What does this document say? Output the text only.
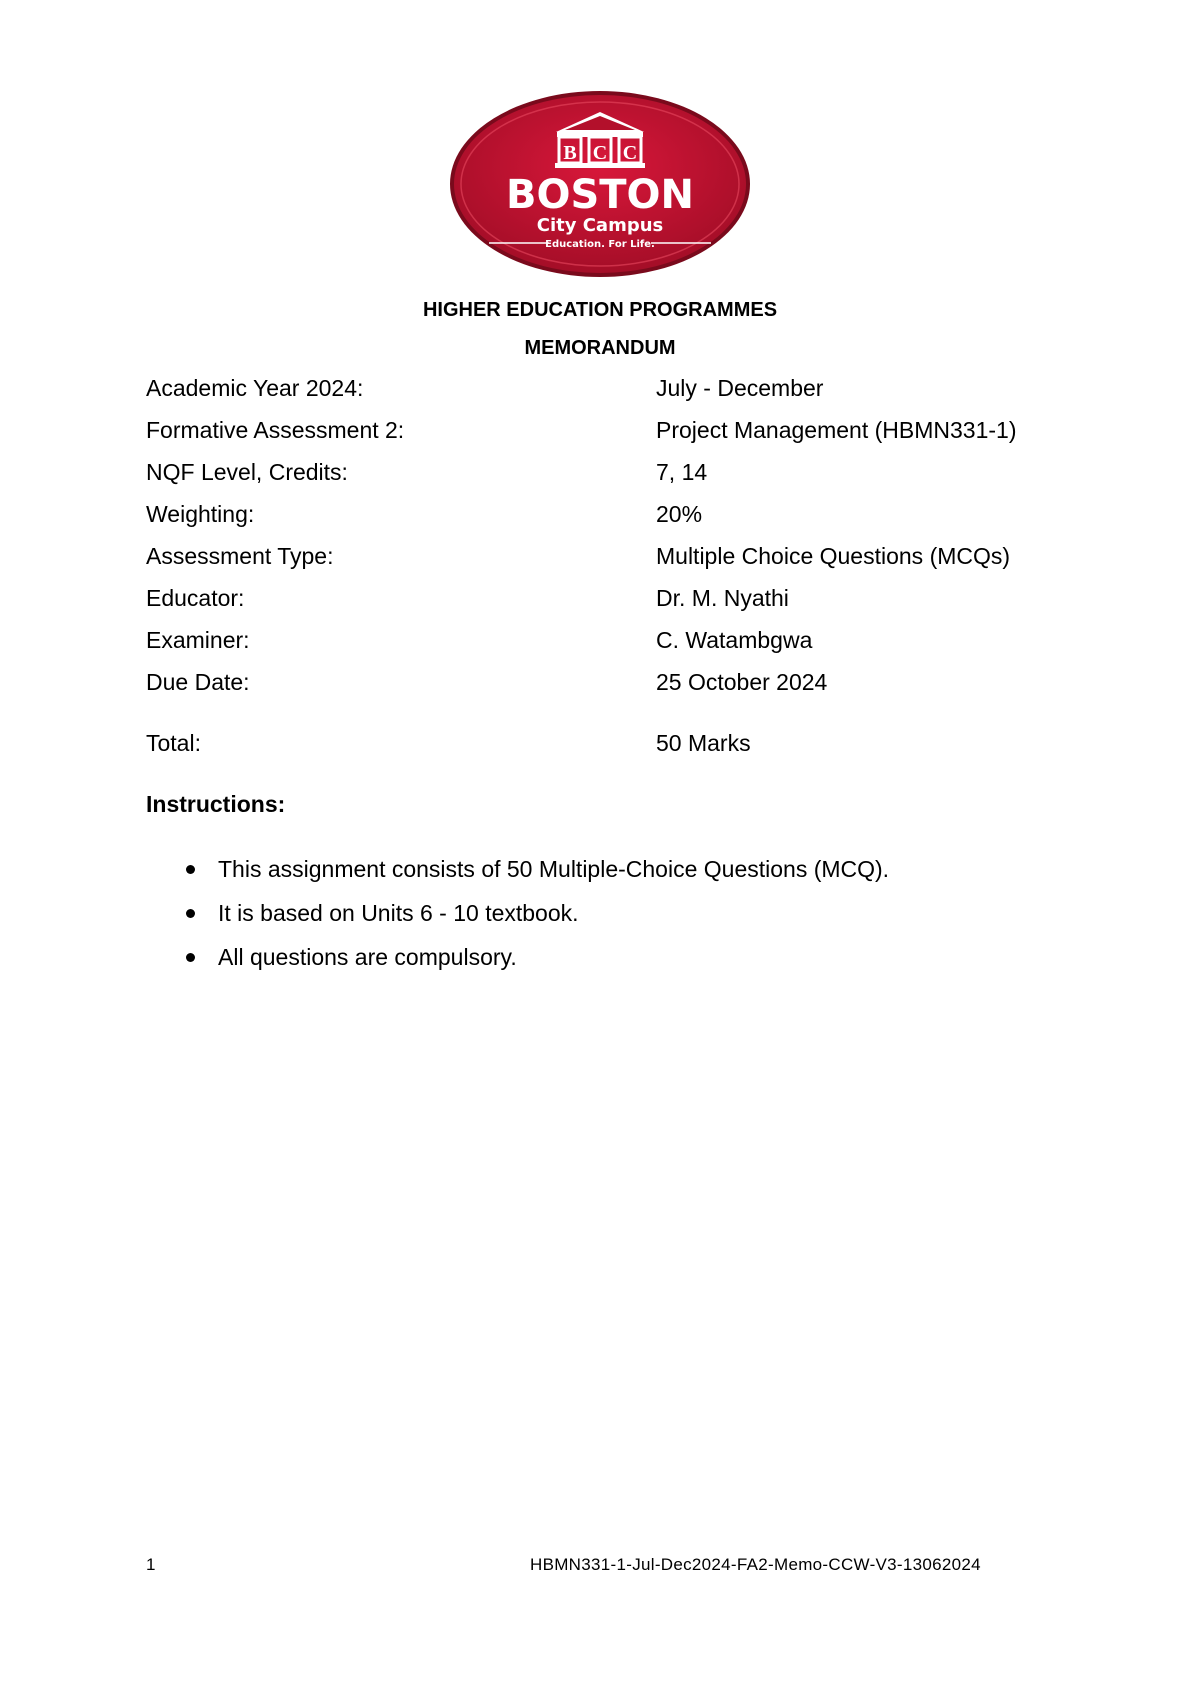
B C C
BOSTON
City Campus
Education. For Life.
HIGHER EDUCATION PROGRAMMES
MEMORANDUM
Academic Year 2024:	July - December
Formative Assessment 2:	Project Management (HBMN331-1)
NQF Level, Credits:	7, 14
Weighting:	20%
Assessment Type:	Multiple Choice Questions (MCQs)
Educator:	Dr. M. Nyathi
Examiner:	C. Watambgwa
Due Date:	25 October 2024
Total:	50 Marks
Instructions:
This assignment consists of 50 Multiple-Choice Questions (MCQ).
It is based on Units 6 - 10 textbook.
All questions are compulsory.
1	HBMN331-1-Jul-Dec2024-FA2-Memo-CCW-V3-13062024
